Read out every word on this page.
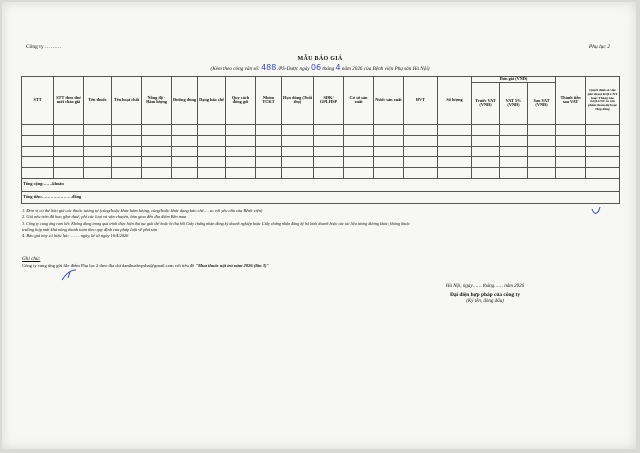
Công ty ………	Phụ lục 2
MẪU BÁO GIÁ
(Kèm theo công văn số: 488 /PS-Dược ngày 06 tháng 4 năm 2026 của Bệnh viện Phụ sản Hà Nội)
STT	STT theo thư mời chào giá	Tên thuốc	Tên hoạt chất	Nồng độ - Hàm lượng	Đường dùng	Dạng bào chế	Quy cách đóng gói	Nhóm TCKT	Hạn dùng (Tuổi thọ)	SĐK/ GPLHSP	Cơ sở sản xuất	Nước sản xuất	ĐVT	Số lượng	Đơn giá (VNĐ)			Thành tiền sau VAT	Quyết định số việc phê duyệt KQLCNT hoặc Thông báo KQLCNT có sản phẩm tham dự hoặc Hợp đồng
															Trước VAT (VNĐ)	VAT 5% (VNĐ)	Sau VAT (VNĐ)		

Tổng cộng:……khoản																			
Tổng tiền:…………………đồng																			
1. Đơn vị có thể báo giá các thuốc tương tự (cùng/hoặc khác hàm lượng, cùng/hoặc khác dạng bào chế,… so với yêu cầu của Bệnh viện)
2. Giá nêu trên đã bao gồm thuế, phí các loại và vận chuyển, bàn giao đến địa điểm Bên mua
3. Công ty cung ứng cam kết: Không đang trong quá trình thực hiện thủ tục giải thể hoặc bị thu hồi Giấy chứng nhận đăng ký doanh nghiệp hoặc Giấy chứng nhận đăng ký hộ kinh doanh hoặc các tài liệu tương đương khác; không thuộc
trường hợp mất khả năng thanh toán theo quy định của pháp luật về phá sản
4. Báo giá này có hiệu lực: ……. ngày, kể từ ngày 16/4/2026
Ghi chú:
Công ty cung ứng gửi file điểm Phụ lục 2 theo địa chỉ danthuabvpshn@gmail.com với tiêu đề "Mua thuốc nội trú năm 2026 (lần 3)"
Hà Nội, ngày…… tháng…… năm 2026
Đại diện hợp pháp của công ty
(Ký tên, đóng dấu)
